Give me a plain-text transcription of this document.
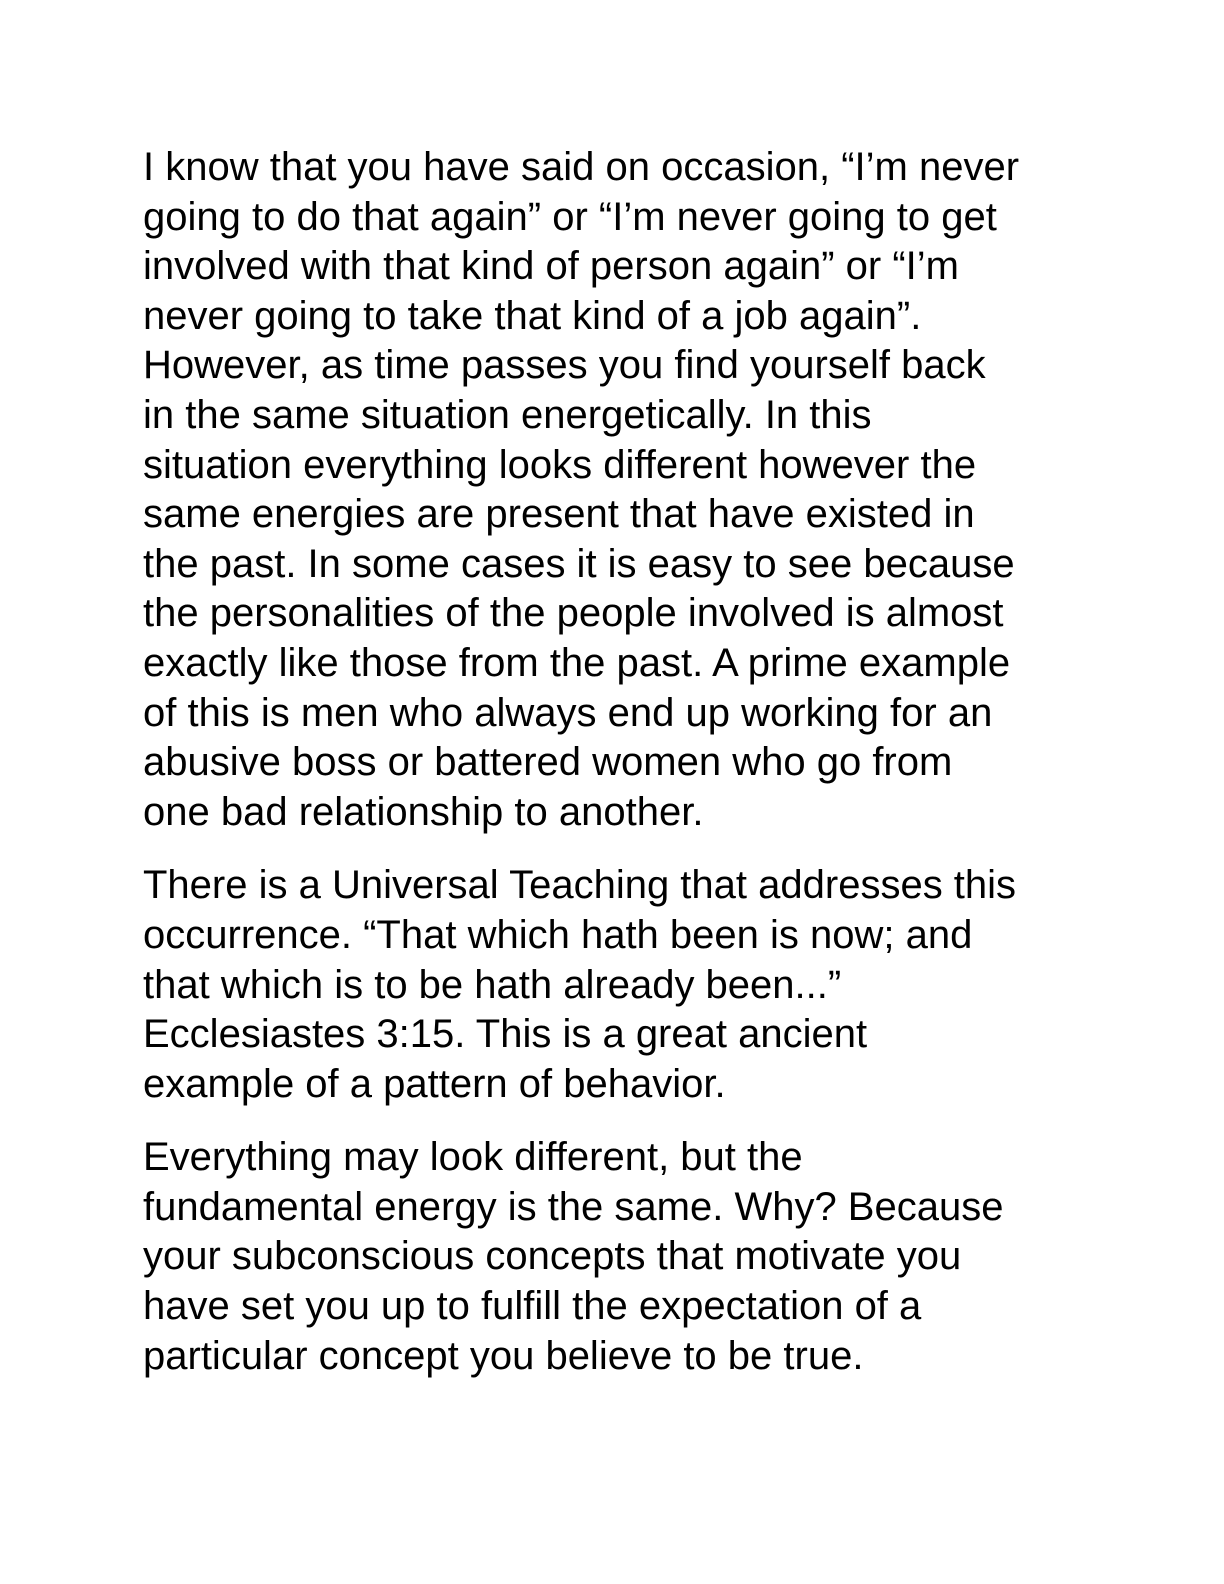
I know that you have said on occasion, “I’m never
going to do that again” or “I’m never going to get
involved with that kind of person again” or “I’m
never going to take that kind of a job again”.
However, as time passes you find yourself back
in the same situation energetically. In this
situation everything looks different however the
same energies are present that have existed in
the past. In some cases it is easy to see because
the personalities of the people involved is almost
exactly like those from the past. A prime example
of this is men who always end up working for an
abusive boss or battered women who go from
one bad relationship to another.

There is a Universal Teaching that addresses this
occurrence. “That which hath been is now; and
that which is to be hath already been...”
Ecclesiastes 3:15. This is a great ancient
example of a pattern of behavior.

Everything may look different, but the
fundamental energy is the same. Why? Because
your subconscious concepts that motivate you
have set you up to fulfill the expectation of a
particular concept you believe to be true.
